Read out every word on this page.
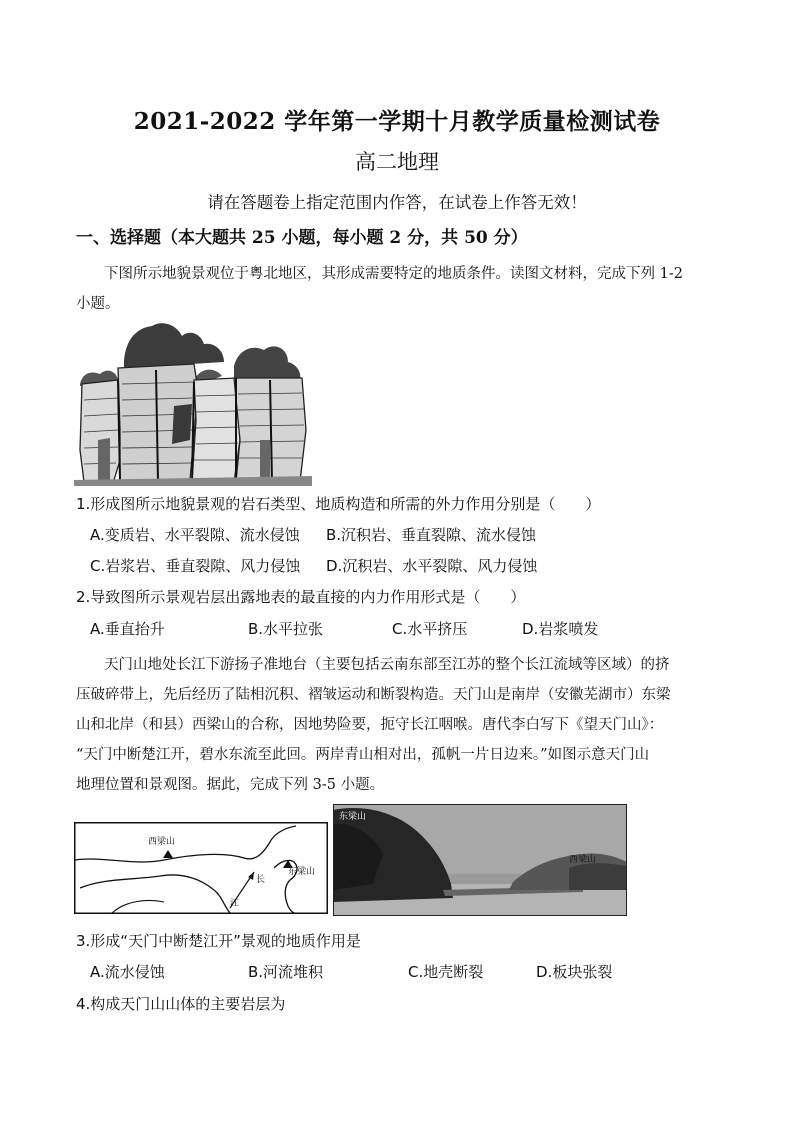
2021-2022 学年第一学期十月教学质量检测试卷
高二地理
请在答题卷上指定范围内作答，在试卷上作答无效！
一、选择题（本大题共 25 小题，每小题 2 分，共 50 分）
下图所示地貌景观位于粤北地区，其形成需要特定的地质条件。读图文材料，完成下列 1-2
小题。
1.形成图所示地貌景观的岩石类型、地质构造和所需的外力作用分别是（　　）
A.变质岩、水平裂隙、流水侵蚀 B.沉积岩、垂直裂隙、流水侵蚀
C.岩浆岩、垂直裂隙、风力侵蚀 D.沉积岩、水平裂隙、风力侵蚀
2.导致图所示景观岩层出露地表的最直接的内力作用形式是（　　）
A.垂直抬升	B.水平拉张	C.水平挤压	D.岩浆喷发
天门山地处长江下游扬子准地台（主要包括云南东部至江苏的整个长江流域等区域）的挤
压破碎带上，先后经历了陆相沉积、褶皱运动和断裂构造。天门山是南岸（安徽芜湖市）东梁
山和北岸（和县）西梁山的合称，因地势险要，扼守长江咽喉。唐代李白写下《望天门山》：
“天门中断楚江开，碧水东流至此回。两岸青山相对出，孤帆一片日边来。”如图示意天门山
地理位置和景观图。据此，完成下列 3-5 小题。
西梁山
东梁山
长
江
东梁山
西梁山
3.形成“天门中断楚江开”景观的地质作用是
A.流水侵蚀	B.河流堆积	C.地壳断裂	D.板块张裂
4.构成天门山山体的主要岩层为
